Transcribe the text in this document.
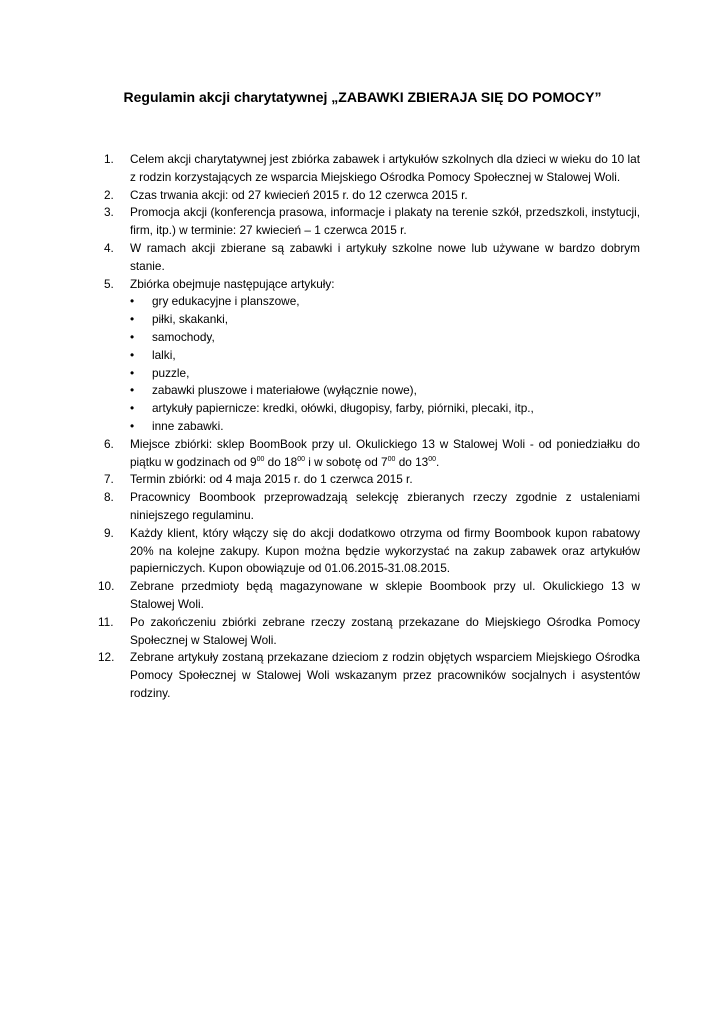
Regulamin akcji charytatywnej „ZABAWKI ZBIERAJA SIĘ DO POMOCY”
1.	Celem akcji charytatywnej jest zbiórka zabawek i artykułów szkolnych dla dzieci w wieku do 10 lat z rodzin korzystających ze wsparcia Miejskiego Ośrodka Pomocy Społecznej w Stalowej Woli.
2.	Czas trwania akcji: od 27 kwiecień 2015 r. do 12 czerwca 2015 r.
3.	Promocja akcji (konferencja prasowa, informacje i plakaty na terenie szkół, przedszkoli, instytucji, firm, itp.) w terminie: 27 kwiecień – 1 czerwca 2015 r.
4.	W ramach akcji zbierane są zabawki i artykuły szkolne nowe lub używane w bardzo dobrym stanie.
5.	Zbiórka obejmuje następujące artykuły:
•	gry edukacyjne i planszowe,
•	piłki, skakanki,
•	samochody,
•	lalki,
•	puzzle,
•	zabawki pluszowe i materiałowe (wyłącznie nowe),
•	artykuły papiernicze: kredki, ołówki, długopisy, farby, piórniki, plecaki, itp.,
•	inne zabawki.
6.	Miejsce zbiórki: sklep BoomBook przy ul. Okulickiego 13 w Stalowej Woli - od poniedziałku do piątku w godzinach od $9^{00}$ do $18^{00}$ i w sobotę od $7^{00}$ do $13^{00}$.
7.	Termin zbiórki: od 4 maja 2015 r. do 1 czerwca 2015 r.
8.	Pracownicy Boombook przeprowadzają selekcję zbieranych rzeczy zgodnie z ustaleniami niniejszego regulaminu.
9.	Każdy klient, który włączy się do akcji dodatkowo otrzyma od firmy Boombook kupon rabatowy 20% na kolejne zakupy. Kupon można będzie wykorzystać na zakup zabawek oraz artykułów papierniczych. Kupon obowiązuje od 01.06.2015-31.08.2015.
10.	Zebrane przedmioty będą magazynowane w sklepie Boombook przy ul. Okulickiego 13 w Stalowej Woli.
11.	Po zakończeniu zbiórki zebrane rzeczy zostaną przekazane do Miejskiego Ośrodka Pomocy Społecznej w Stalowej Woli.
12.	Zebrane artykuły zostaną przekazane dzieciom z rodzin objętych wsparciem Miejskiego Ośrodka Pomocy Społecznej w Stalowej Woli wskazanym przez pracowników socjalnych i asystentów rodziny.
